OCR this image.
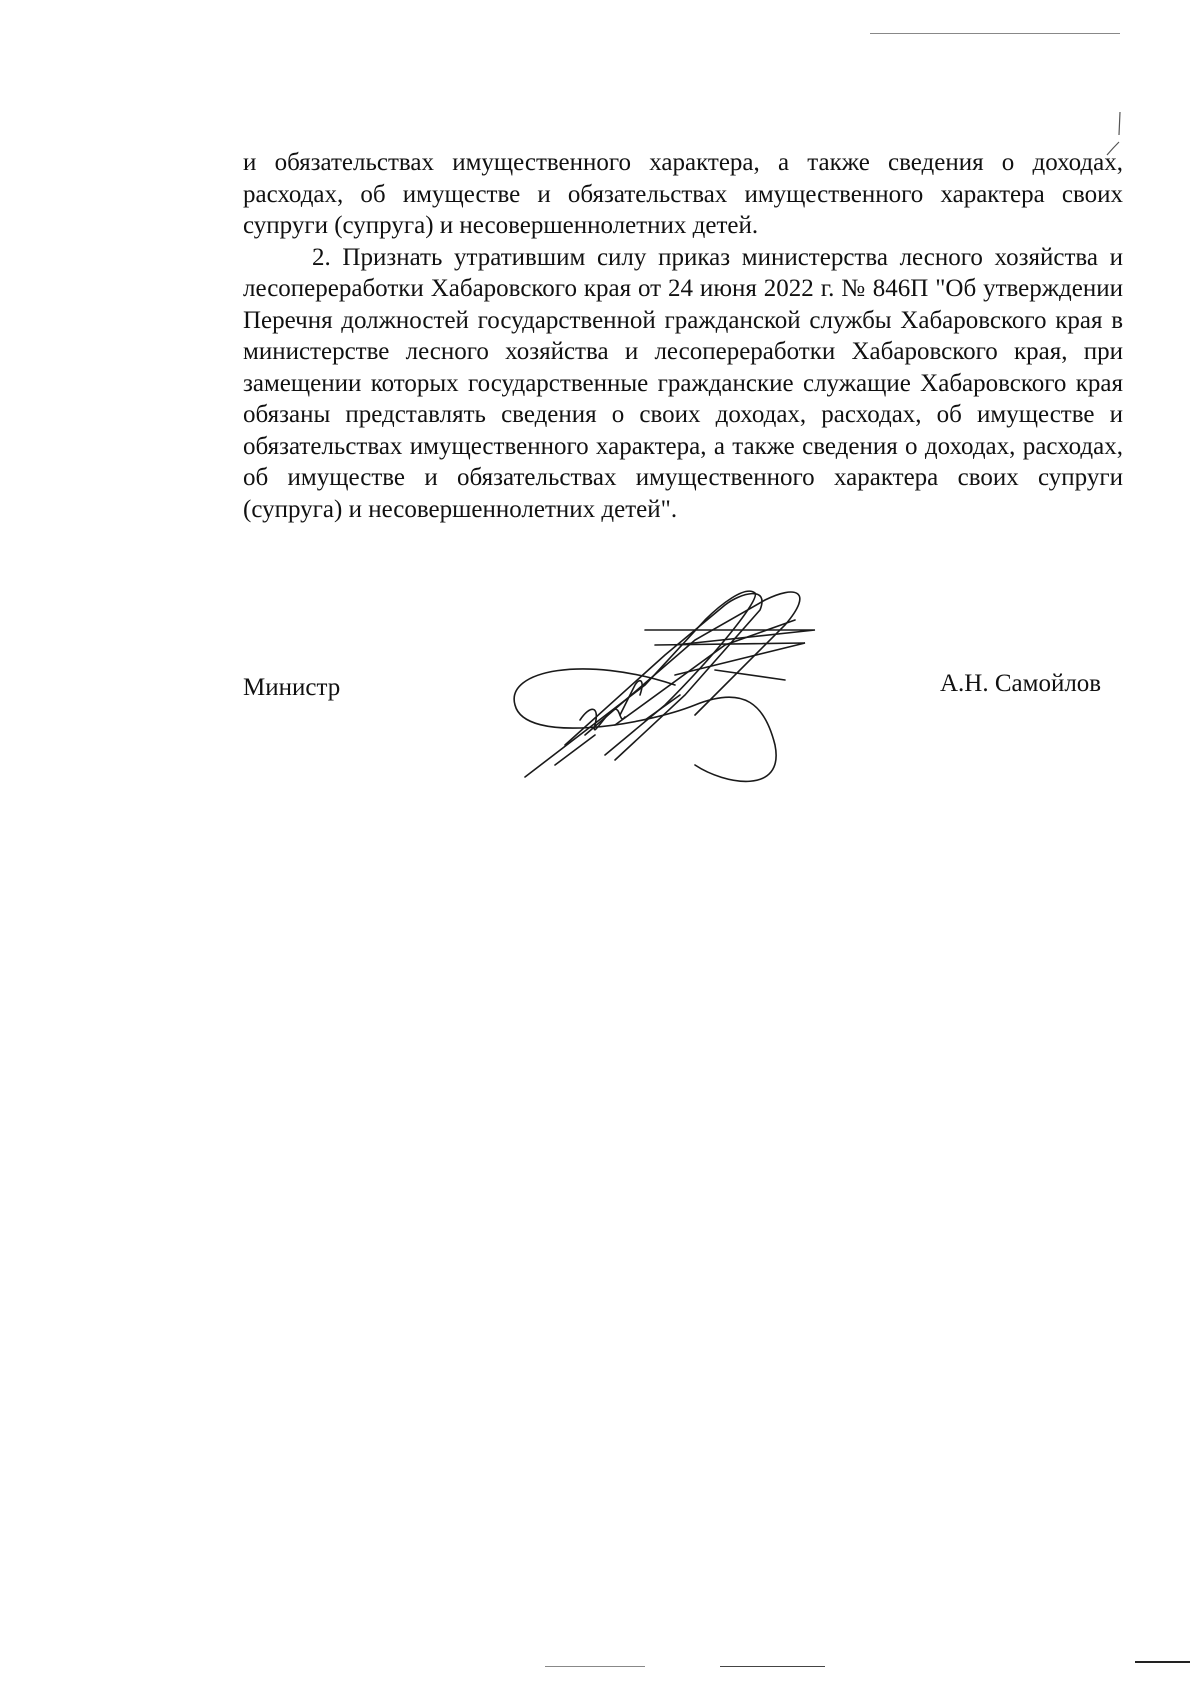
и обязательствах имущественного характера, а также сведения о доходах, расходах, об имуществе и обязательствах имущественного характера своих супруги (супруга) и несовершеннолетних детей.

2. Признать утратившим силу приказ министерства лесного хозяйства и лесопереработки Хабаровского края от 24 июня 2022 г. № 846П "Об утверждении Перечня должностей государственной гражданской службы Хабаровского края в министерстве лесного хозяйства и лесопереработки Хабаровского края, при замещении которых государственные гражданские служащие Хабаровского края обязаны представлять сведения о своих доходах, расходах, об имуществе и обязательствах имущественного характера, а также сведения о доходах, расходах, об имуществе и обязательствах имущественного характера своих супруги (супруга) и несовершеннолетних детей".

Министр	А.Н. Самойлов
